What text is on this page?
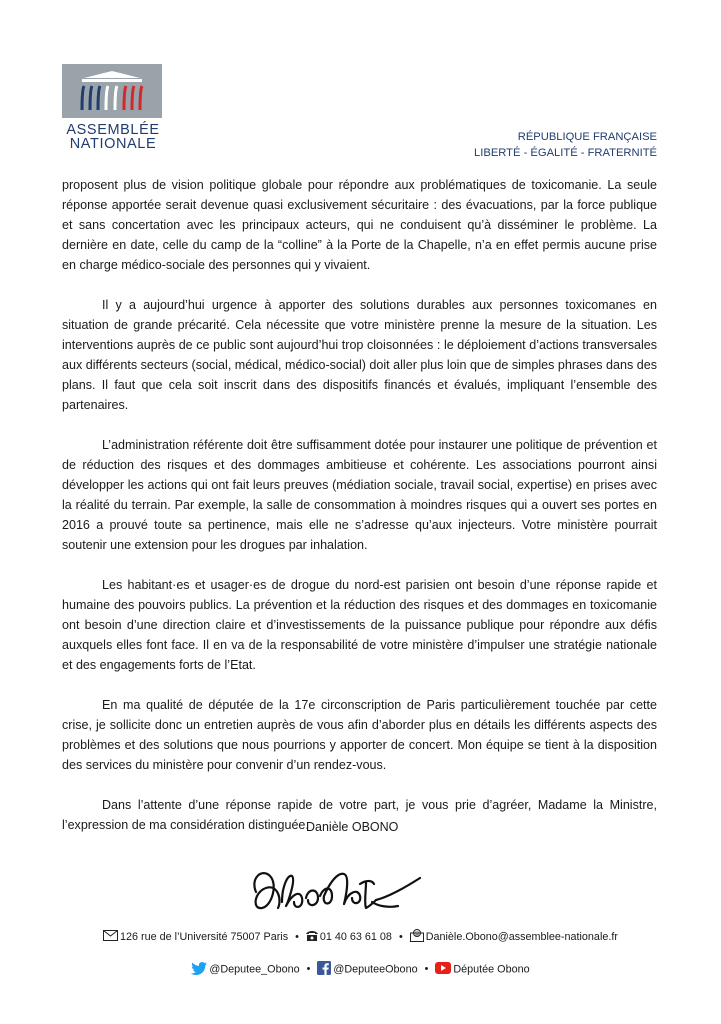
ASSEMBLÉE
NATIONALE	RÉPUBLIQUE FRANÇAISE
LIBERTÉ - ÉGALITÉ - FRATERNITÉ

proposent plus de vision politique globale pour répondre aux problématiques de toxicomanie. La seule réponse apportée serait devenue quasi exclusivement sécuritaire : des évacuations, par la force publique et sans concertation avec les principaux acteurs, qui ne conduisent qu’à disséminer le problème. La dernière en date, celle du camp de la “colline” à la Porte de la Chapelle, n’a en effet permis aucune prise en charge médico-sociale des personnes qui y vivaient.

Il y a aujourd’hui urgence à apporter des solutions durables aux personnes toxicomanes en situation de grande précarité. Cela nécessite que votre ministère prenne la mesure de la situation. Les interventions auprès de ce public sont aujourd’hui trop cloisonnées : le déploiement d’actions transversales aux différents secteurs (social, médical, médico-social) doit aller plus loin que de simples phrases dans des plans. Il faut que cela soit inscrit dans des dispositifs financés et évalués, impliquant l’ensemble des partenaires.

L’administration référente doit être suffisamment dotée pour instaurer une politique de prévention et de réduction des risques et des dommages ambitieuse et cohérente. Les associations pourront ainsi développer les actions qui ont fait leurs preuves (médiation sociale, travail social, expertise) en prises avec la réalité du terrain. Par exemple, la salle de consommation à moindres risques qui a ouvert ses portes en 2016 a prouvé toute sa pertinence, mais elle ne s’adresse qu’aux injecteurs. Votre ministère pourrait soutenir une extension pour les drogues par inhalation.

Les habitant·es et usager·es de drogue du nord-est parisien ont besoin d’une réponse rapide et humaine des pouvoirs publics. La prévention et la réduction des risques et des dommages en toxicomanie ont besoin d’une direction claire et d’investissements de la puissance publique pour répondre aux défis auxquels elles font face. Il en va de la responsabilité de votre ministère d’impulser une stratégie nationale et des engagements forts de l’Etat.

En ma qualité de députée de la 17e circonscription de Paris particulièrement touchée par cette crise, je sollicite donc un entretien auprès de vous afin d’aborder plus en détails les différents aspects des problèmes et des solutions que nous pourrions y apporter de concert. Mon équipe se tient à la disposition des services du ministère pour convenir d’un rendez-vous.

Dans l’attente d’une réponse rapide de votre part, je vous prie d’agréer, Madame la Ministre, l’expression de ma considération distinguée.

Danièle OBONO
126 rue de l’Université 75007 Paris • 01 40 63 61 08 • @ Danièle.Obono@assemblee-nationale.fr
@Deputee_Obono • @DeputeeObono • Députée Obono
